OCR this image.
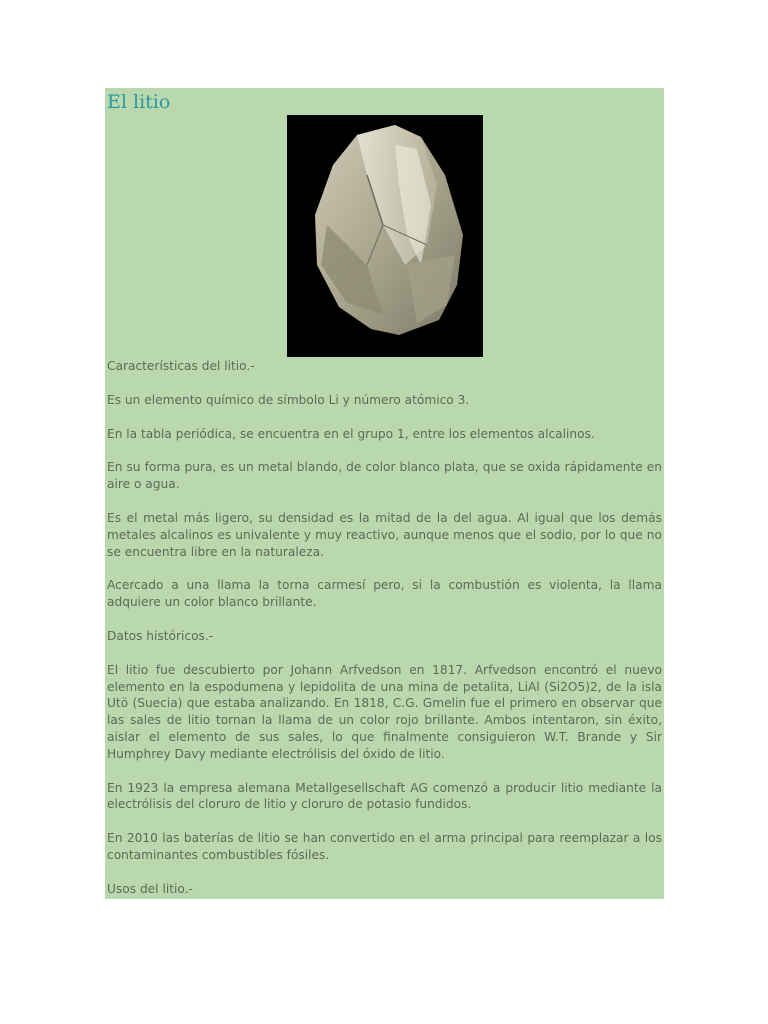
El litio

Características del litio.-

Es un elemento químico de símbolo Li y número atómico 3.

En la tabla periódica, se encuentra en el grupo 1, entre los elementos alcalinos.

En su forma pura, es un metal blando, de color blanco plata, que se oxida rápidamente en aire o agua.

Es el metal más ligero, su densidad es la mitad de la del agua. Al igual que los demás metales alcalinos es univalente y muy reactivo, aunque menos que el sodio, por lo que no se encuentra libre en la naturaleza.

Acercado a una llama la torna carmesí pero, si la combustión es violenta, la llama adquiere un color blanco brillante.

Datos históricos.-

El litio fue descubierto por Johann Arfvedson en 1817. Arfvedson encontró el nuevo elemento en la espodumena y lepidolita de una mina de petalita, LiAl (Si2O5)2, de la isla Utö (Suecia) que estaba analizando. En 1818, C.G. Gmelin fue el primero en observar que las sales de litio tornan la llama de un color rojo brillante. Ambos intentaron, sin éxito, aislar el elemento de sus sales, lo que finalmente consiguieron W.T. Brande y Sir Humphrey Davy mediante electrólisis del óxido de litio.

En 1923 la empresa alemana Metallgesellschaft AG comenzó a producir litio mediante la electrólisis del cloruro de litio y cloruro de potasio fundidos.

En 2010 las baterías de litio se han convertido en el arma principal para reemplazar a los contaminantes combustibles fósiles.

Usos del litio.-
